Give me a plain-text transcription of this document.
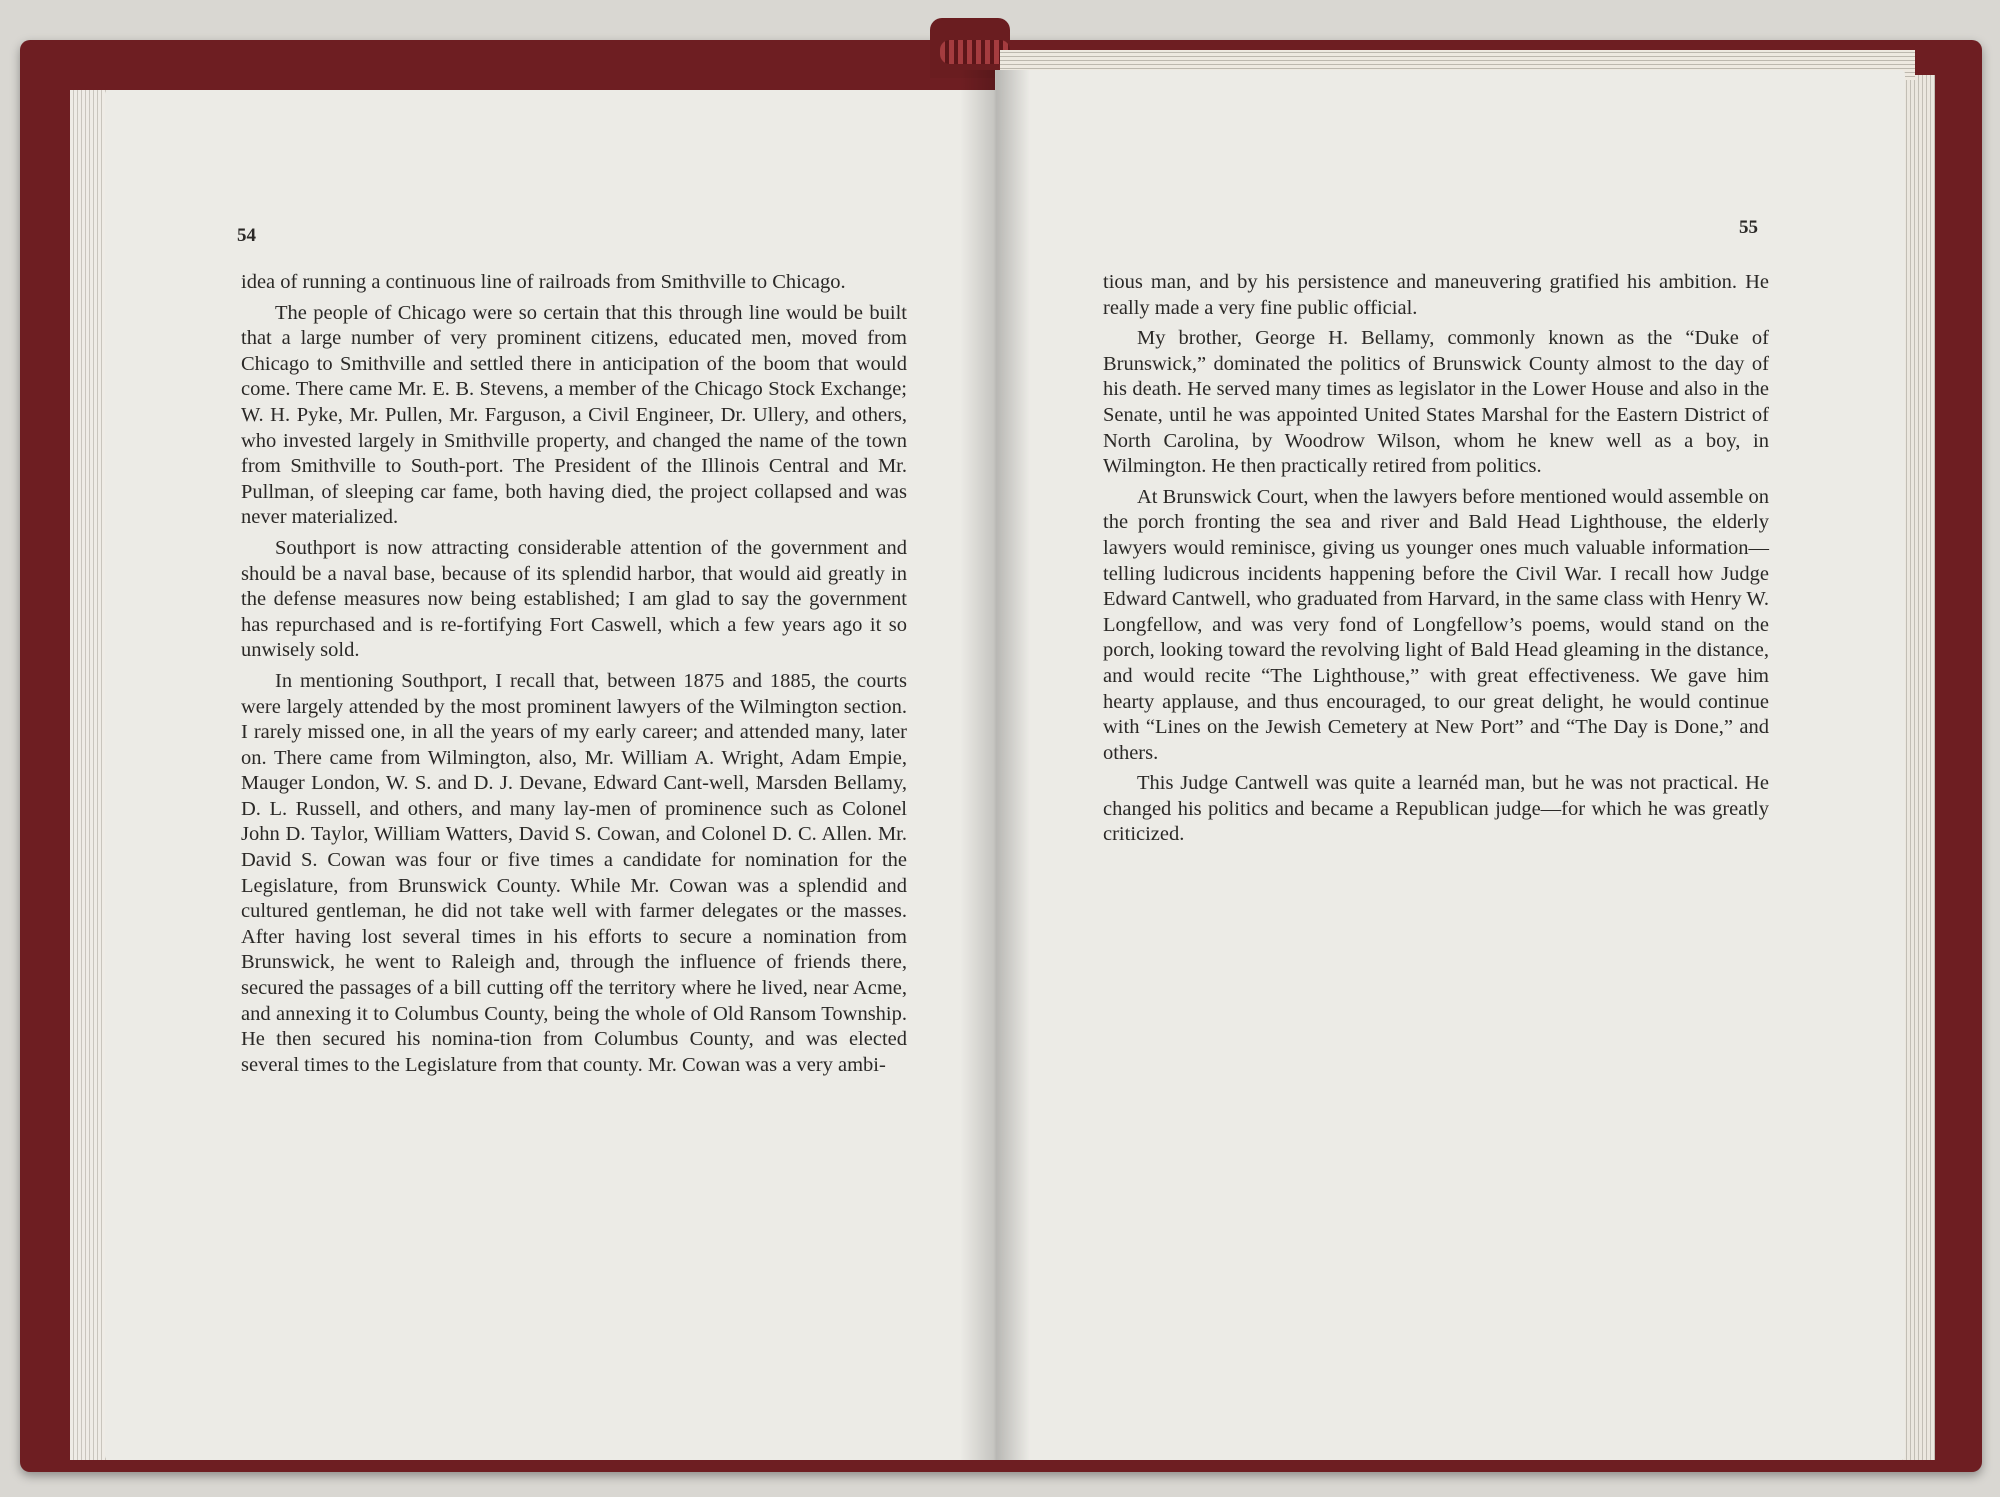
54

idea of running a continuous line of railroads from Smithville to Chicago.

The people of Chicago were so certain that this through line would be built that a large number of very prominent citizens, educated men, moved from Chicago to Smithville and settled there in anticipation of the boom that would come. There came Mr. E. B. Stevens, a member of the Chicago Stock Exchange; W. H. Pyke, Mr. Pullen, Mr. Farguson, a Civil Engineer, Dr. Ullery, and others, who invested largely in Smithville property, and changed the name of the town from Smithville to South-port. The President of the Illinois Central and Mr. Pullman, of sleeping car fame, both having died, the project collapsed and was never materialized.

Southport is now attracting considerable attention of the government and should be a naval base, because of its splendid harbor, that would aid greatly in the defense measures now being established; I am glad to say the government has repurchased and is re-fortifying Fort Caswell, which a few years ago it so unwisely sold.

In mentioning Southport, I recall that, between 1875 and 1885, the courts were largely attended by the most prominent lawyers of the Wilmington section. I rarely missed one, in all the years of my early career; and attended many, later on. There came from Wilmington, also, Mr. William A. Wright, Adam Empie, Mauger London, W. S. and D. J. Devane, Edward Cant-well, Marsden Bellamy, D. L. Russell, and others, and many lay-men of prominence such as Colonel John D. Taylor, William Watters, David S. Cowan, and Colonel D. C. Allen. Mr. David S. Cowan was four or five times a candidate for nomination for the Legislature, from Brunswick County. While Mr. Cowan was a splendid and cultured gentleman, he did not take well with farmer delegates or the masses. After having lost several times in his efforts to secure a nomination from Brunswick, he went to Raleigh and, through the influence of friends there, secured the passages of a bill cutting off the territory where he lived, near Acme, and annexing it to Columbus County, being the whole of Old Ransom Township. He then secured his nomina-tion from Columbus County, and was elected several times to the Legislature from that county. Mr. Cowan was a very ambi-

55

tious man, and by his persistence and maneuvering gratified his ambition. He really made a very fine public official.

My brother, George H. Bellamy, commonly known as the “Duke of Brunswick,” dominated the politics of Brunswick County almost to the day of his death. He served many times as legislator in the Lower House and also in the Senate, until he was appointed United States Marshal for the Eastern District of North Carolina, by Woodrow Wilson, whom he knew well as a boy, in Wilmington. He then practically retired from politics.

At Brunswick Court, when the lawyers before mentioned would assemble on the porch fronting the sea and river and Bald Head Lighthouse, the elderly lawyers would reminisce, giving us younger ones much valuable information—telling ludicrous incidents happening before the Civil War. I recall how Judge Edward Cantwell, who graduated from Harvard, in the same class with Henry W. Longfellow, and was very fond of Longfellow’s poems, would stand on the porch, looking toward the revolving light of Bald Head gleaming in the distance, and would recite “The Lighthouse,” with great effectiveness. We gave him hearty applause, and thus encouraged, to our great delight, he would continue with “Lines on the Jewish Cemetery at New Port” and “The Day is Done,” and others.

This Judge Cantwell was quite a learnéd man, but he was not practical. He changed his politics and became a Republican judge—for which he was greatly criticized.
